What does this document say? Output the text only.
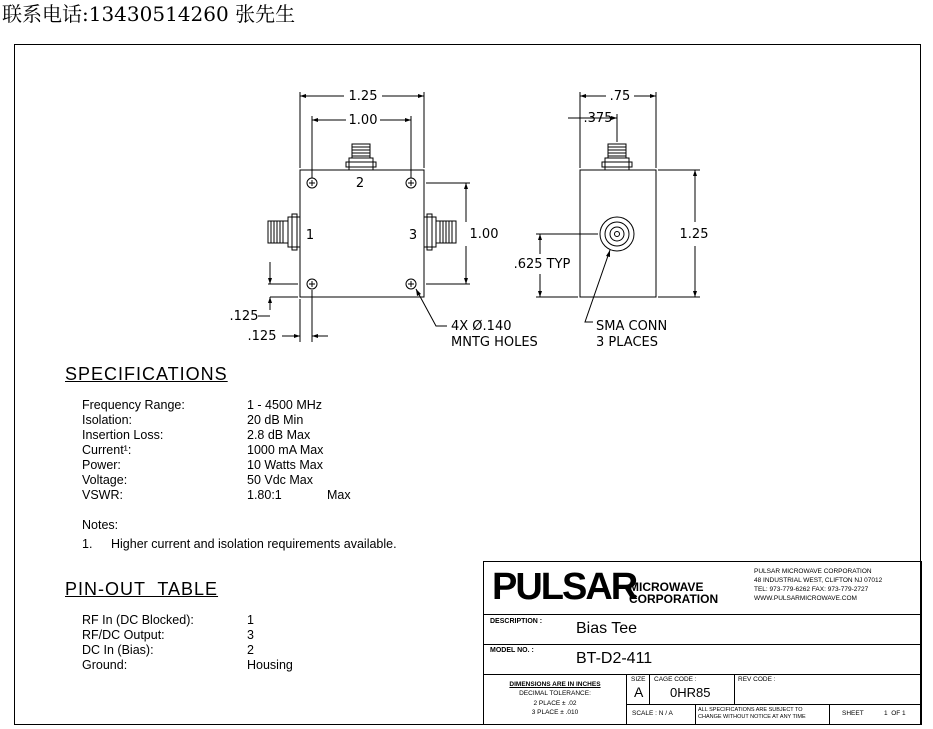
联系电话:13430514260 张先生
1.25
1.00
2
1	3	1.00
.125
.125
4X Ø.140
MNTG HOLES
.75
.375
1.25
.625 TYP
SMA CONN
3 PLACES
SPECIFICATIONS
Frequency Range:	1 - 4500 MHz
Isolation:	20 dB Min
Insertion Loss:	2.8 dB Max
Current¹:	1000 mA Max
Power:	10 Watts Max
Voltage:	50 Vdc Max
VSWR:	1.80:1	Max
Notes:
1. Higher current and isolation requirements available.
PIN-OUT  TABLE
RF In (DC Blocked):	1
RF/DC Output:	3
DC In (Bias):	2
Ground:	Housing
PULSAR
MICROWAVE
CORPORATION
PULSAR MICROWAVE CORPORATION
48 INDUSTRIAL WEST, CLIFTON NJ 07012
TEL: 973-779-6262 FAX: 973-779-2727
WWW.PULSARMICROWAVE.COM
DESCRIPTION : Bias Tee
MODEL NO. :	BT-D2-411
DIMENSIONS ARE IN INCHES
DECIMAL TOLERANCE:
2 PLACE ± .02
3 PLACE ± .010
SIZE
A
CAGE CODE :
0HR85
REV CODE :
SCALE : N / A	ALL SPECIFICATIONS ARE SUBJECT TO
CHANGE WITHOUT NOTICE AT ANY TIME	SHEET	1  OF 1
